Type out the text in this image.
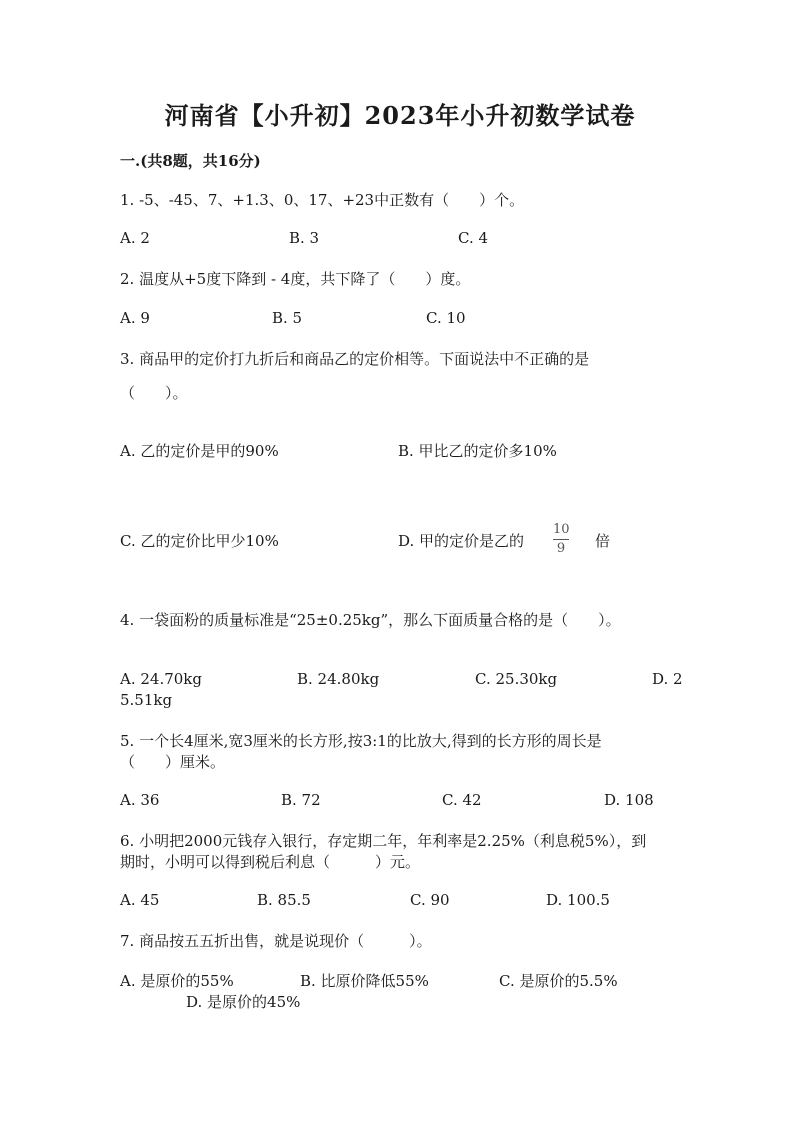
河南省【小升初】2023年小升初数学试卷
一.(共8题，共16分)
1. -5、-45、7、+1.3、0、17、+23中正数有（　　）个。
A. 2	B. 3	C. 4
2. 温度从+5度下降到 - 4度，共下降了（　　）度。
A. 9	B. 5	C. 10
3. 商品甲的定价打九折后和商品乙的定价相等。下面说法中不正确的是
（　　）。
A. 乙的定价是甲的90%	B. 甲比乙的定价多10%
C. 乙的定价比甲少10%	D. 甲的定价是乙的
10
9 倍
4. 一袋面粉的质量标准是“25±0.25kg”，那么下面质量合格的是（　　）。
A. 24.70kg	B. 24.80kg	C. 25.30kg	D. 2
5.51kg
5. 一个长4厘米,宽3厘米的长方形,按3:1的比放大,得到的长方形的周长是
（　　）厘米。
A. 36	B. 72	C. 42	D. 108
6. 小明把2000元钱存入银行，存定期二年，年利率是2.25%（利息税5%），到
期时，小明可以得到税后利息（　　　）元。
A. 45	B. 85.5	C. 90	D. 100.5
7. 商品按五五折出售，就是说现价（　　　）。
A. 是原价的55%	B. 比原价降低55%	C. 是原价的5.5%
D. 是原价的45%
